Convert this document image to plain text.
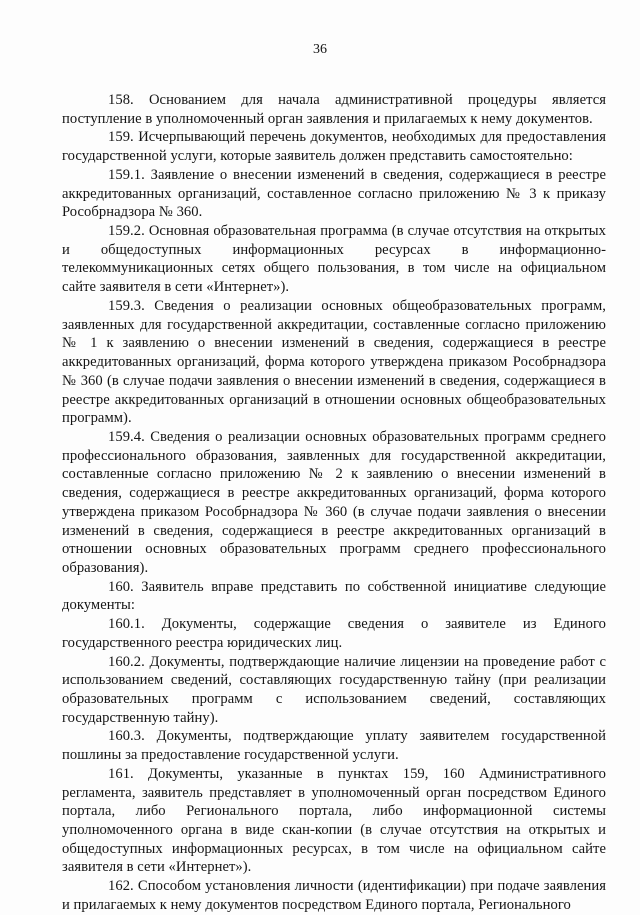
36

158. Основанием для начала административной процедуры является поступление в уполномоченный орган заявления и прилагаемых к нему документов.

159. Исчерпывающий перечень документов, необходимых для предоставления государственной услуги, которые заявитель должен представить самостоятельно:

159.1. Заявление о внесении изменений в сведения, содержащиеся в реестре аккредитованных организаций, составленное согласно приложению № 3 к приказу Рособрнадзора № 360.

159.2. Основная образовательная программа (в случае отсутствия на открытых и общедоступных информационных ресурсах в информационно-телекоммуникационных сетях общего пользования, в том числе на официальном сайте заявителя в сети «Интернет»).

159.3. Сведения о реализации основных общеобразовательных программ, заявленных для государственной аккредитации, составленные согласно приложению № 1 к заявлению о внесении изменений в сведения, содержащиеся в реестре аккредитованных организаций, форма которого утверждена приказом Рособрнадзора № 360 (в случае подачи заявления о внесении изменений в сведения, содержащиеся в реестре аккредитованных организаций в отношении основных общеобразовательных программ).

159.4. Сведения о реализации основных образовательных программ среднего профессионального образования, заявленных для государственной аккредитации, составленные согласно приложению № 2 к заявлению о внесении изменений в сведения, содержащиеся в реестре аккредитованных организаций, форма которого утверждена приказом Рособрнадзора № 360 (в случае подачи заявления о внесении изменений в сведения, содержащиеся в реестре аккредитованных организаций в отношении основных образовательных программ среднего профессионального образования).

160. Заявитель вправе представить по собственной инициативе следующие документы:

160.1. Документы, содержащие сведения о заявителе из Единого государственного реестра юридических лиц.

160.2. Документы, подтверждающие наличие лицензии на проведение работ с использованием сведений, составляющих государственную тайну (при реализации образовательных программ с использованием сведений, составляющих государственную тайну).

160.3. Документы, подтверждающие уплату заявителем государственной пошлины за предоставление государственной услуги.

161. Документы, указанные в пунктах 159, 160 Административного регламента, заявитель представляет в уполномоченный орган посредством Единого портала, либо Регионального портала, либо информационной системы уполномоченного органа в виде скан-копии (в случае отсутствия на открытых и общедоступных информационных ресурсах, в том числе на официальном сайте заявителя в сети «Интернет»).

162. Способом установления личности (идентификации) при подаче заявления и прилагаемых к нему документов посредством Единого портала, Регионального
